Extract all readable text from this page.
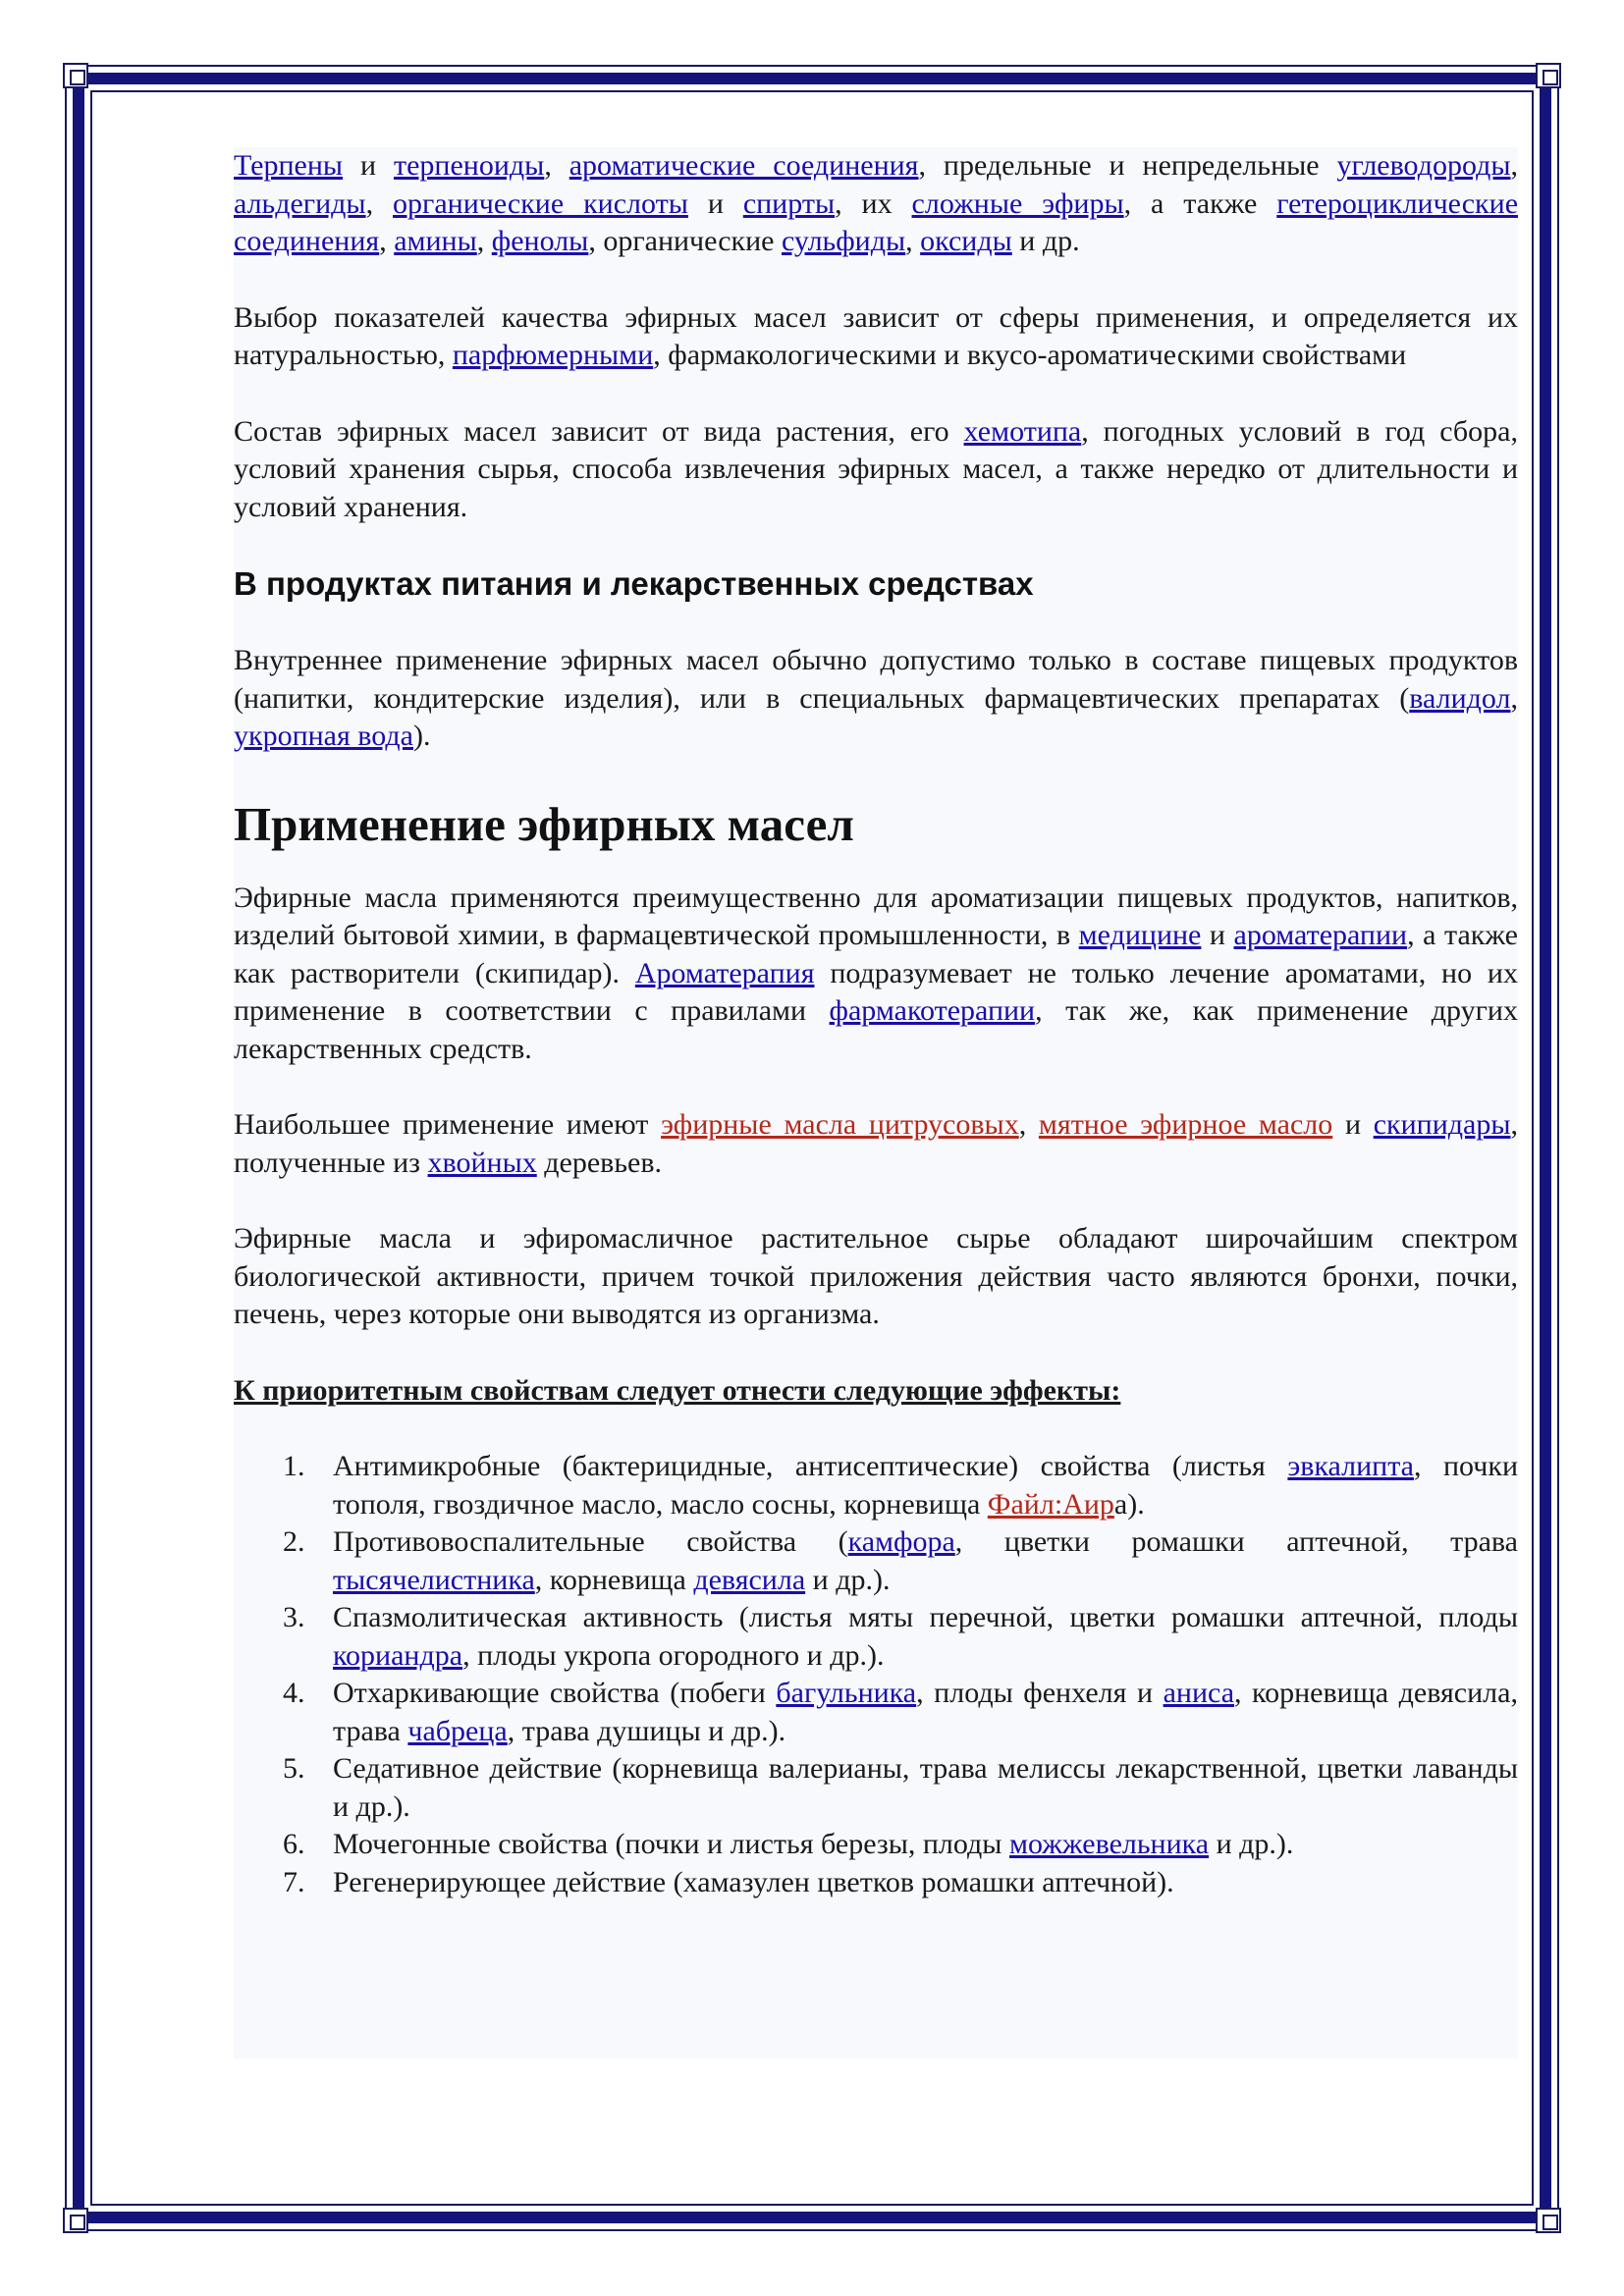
Терпены и терпеноиды, ароматические соединения, предельные и непредельные углеводороды, альдегиды, органические кислоты и спирты, их сложные эфиры, а также гетероциклические соединения, амины, фенолы, органические сульфиды, оксиды и др.

Выбор показателей качества эфирных масел зависит от сферы применения, и определяется их натуральностью, парфюмерными, фармакологическими и вкусо-ароматическими свойствами

Состав эфирных масел зависит от вида растения, его хемотипа, погодных условий в год сбора, условий хранения сырья, способа извлечения эфирных масел, а также нередко от длительности и условий хранения.

В продуктах питания и лекарственных средствах

Внутреннее применение эфирных масел обычно допустимо только в составе пищевых продуктов (напитки, кондитерские изделия), или в специальных фармацевтических препаратах (валидол, укропная вода).

Применение эфирных масел

Эфирные масла применяются преимущественно для ароматизации пищевых продуктов, напитков, изделий бытовой химии, в фармацевтической промышленности, в медицине и ароматерапии, а также как растворители (скипидар). Ароматерапия подразумевает не только лечение ароматами, но их применение в соответствии с правилами фармакотерапии, так же, как применение других лекарственных средств.

Наибольшее применение имеют эфирные масла цитрусовых, мятное эфирное масло и скипидары, полученные из хвойных деревьев.

Эфирные масла и эфиромасличное растительное сырье обладают широчайшим спектром биологической активности, причем точкой приложения действия часто являются бронхи, почки, печень, через которые они выводятся из организма.

К приоритетным свойствам следует отнести следующие эффекты:

1. Антимикробные (бактерицидные, антисептические) свойства (листья эвкалипта, почки тополя, гвоздичное масло, масло сосны, корневища Файл:Аира).
2. Противовоспалительные свойства (камфора, цветки ромашки аптечной, трава тысячелистника, корневища девясила и др.).
3. Спазмолитическая активность (листья мяты перечной, цветки ромашки аптечной, плоды кориандра, плоды укропа огородного и др.).
4. Отхаркивающие свойства (побеги багульника, плоды фенхеля и аниса, корневища девясила, трава чабреца, трава душицы и др.).
5. Седативное действие (корневища валерианы, трава мелиссы лекарственной, цветки лаванды и др.).
6. Мочегонные свойства (почки и листья березы, плоды можжевельника и др.).
7. Регенерирующее действие (хамазулен цветков ромашки аптечной).
